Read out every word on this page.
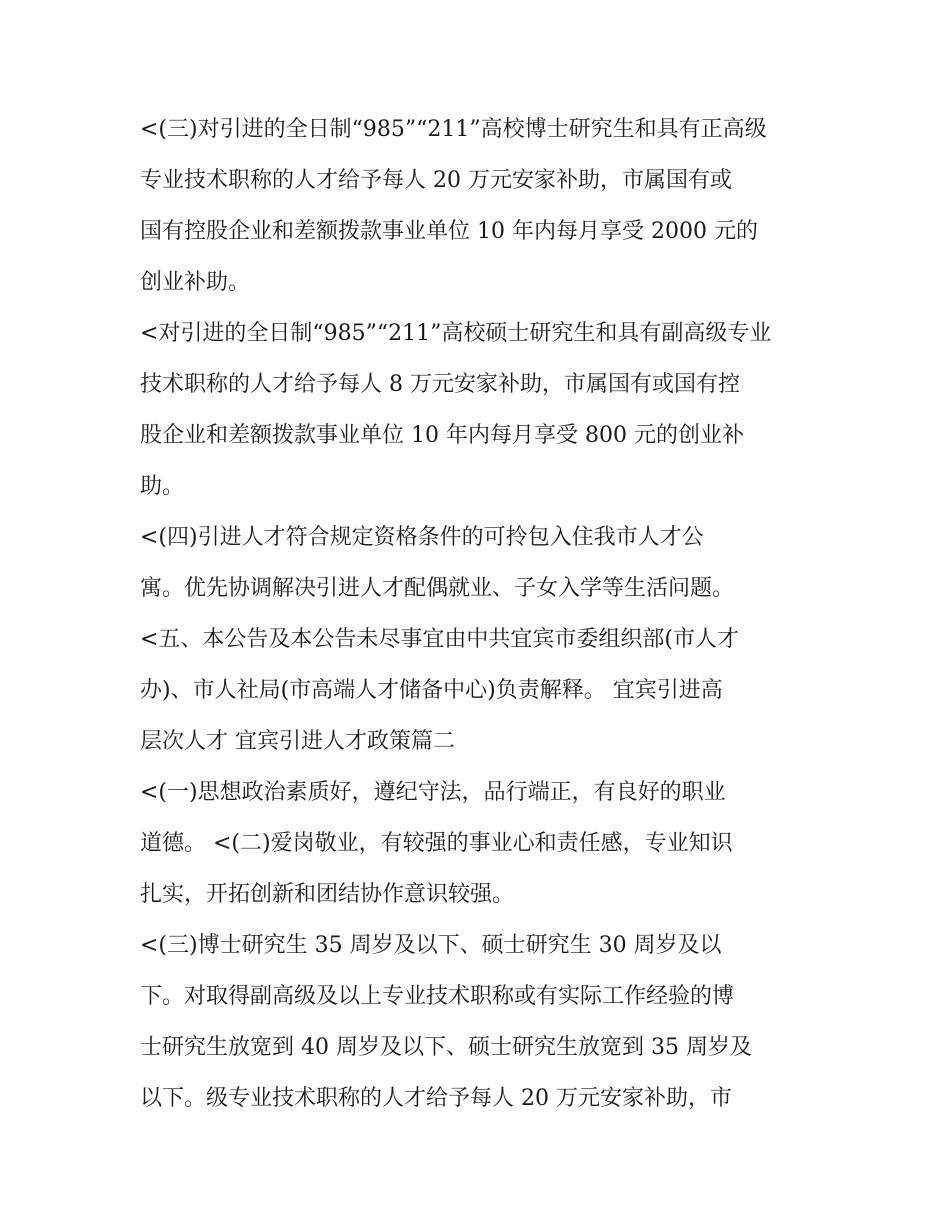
<(三)对引进的全日制“985”“211”高校博士研究生和具有正高级
专业技术职称的人才给予每人 20 万元安家补助，市属国有或
国有控股企业和差额拨款事业单位 10 年内每月享受 2000 元的
创业补助。
<对引进的全日制“985”“211”高校硕士研究生和具有副高级专业
技术职称的人才给予每人 8 万元安家补助，市属国有或国有控
股企业和差额拨款事业单位 10 年内每月享受 800 元的创业补
助。
<(四)引进人才符合规定资格条件的可拎包入住我市人才公
寓。优先协调解决引进人才配偶就业、子女入学等生活问题。
<五、本公告及本公告未尽事宜由中共宜宾市委组织部(市人才
办)、市人社局(市高端人才储备中心)负责解释。 宜宾引进高
层次人才 宜宾引进人才政策篇二
<(一)思想政治素质好，遵纪守法，品行端正，有良好的职业
道德。 <(二)爱岗敬业，有较强的事业心和责任感，专业知识
扎实，开拓创新和团结协作意识较强。
<(三)博士研究生 35 周岁及以下、硕士研究生 30 周岁及以
下。对取得副高级及以上专业技术职称或有实际工作经验的博
士研究生放宽到 40 周岁及以下、硕士研究生放宽到 35 周岁及
以下。级专业技术职称的人才给予每人 20 万元安家补助，市
